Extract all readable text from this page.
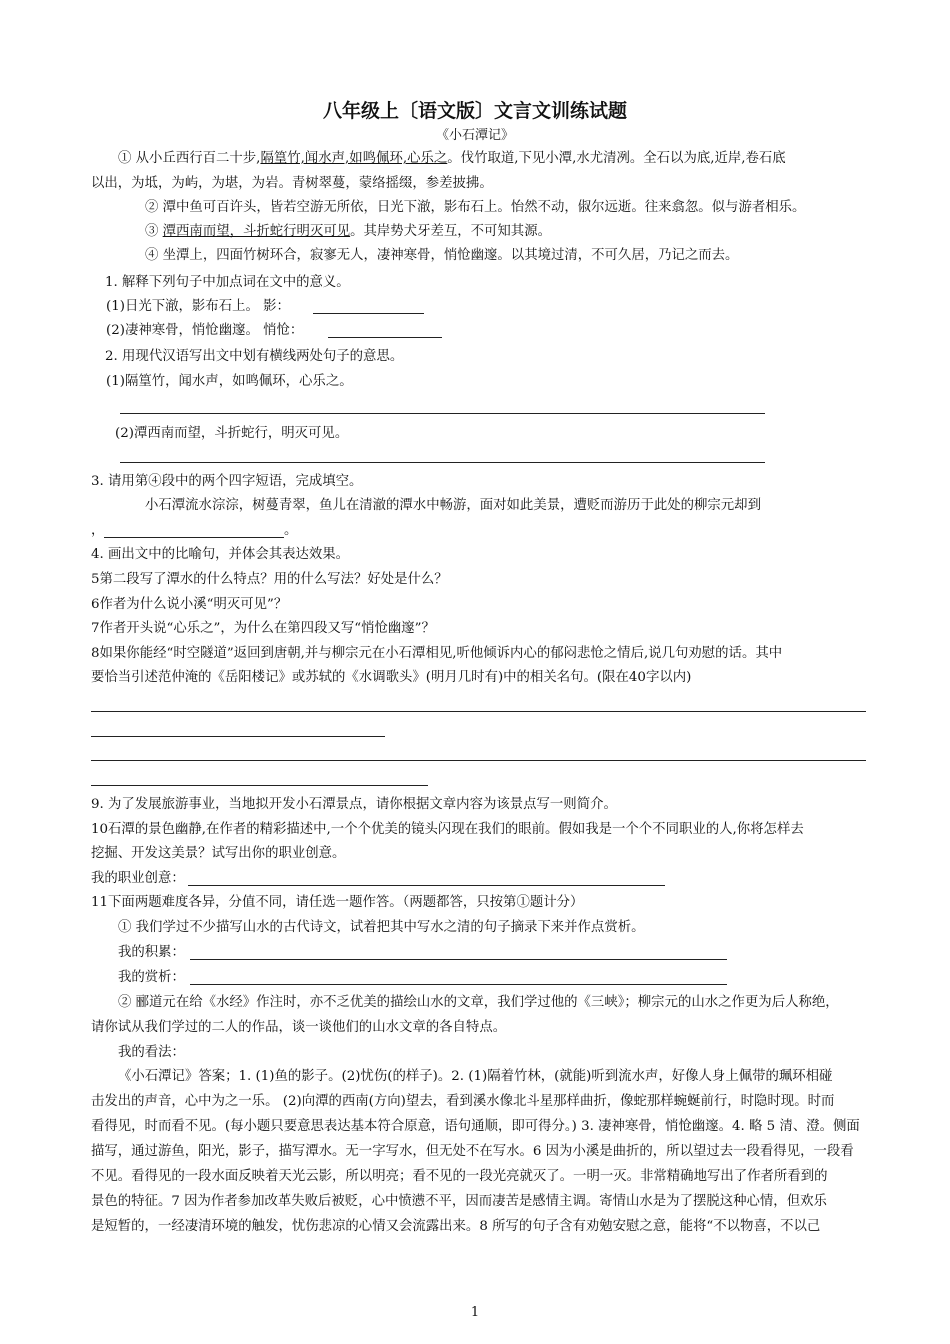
八年级上〔语文版〕文言文训练试题
《小石潭记》
① 从小丘西行百二十步,隔篁竹,闻水声,如鸣佩环,心乐之。伐竹取道,下见小潭,水尤清冽。全石以为底,近岸,卷石底
以出，为坻，为屿，为堪，为岩。青树翠蔓，蒙络摇缀，参差披拂。
② 潭中鱼可百许头，皆若空游无所依，日光下澈，影布石上。怡然不动，俶尔远逝。往来翕忽。似与游者相乐。
③ 潭西南而望，斗折蛇行明灭可见。其岸势犬牙差互，不可知其源。
④ 坐潭上，四面竹树环合，寂寥无人，凄神寒骨，悄怆幽邃。以其境过清，不可久居，乃记之而去。
1. 解释下列句子中加点词在文中的意义。
(1)日光下澈，影布石上。 影：
(2)凄神寒骨，悄怆幽邃。 悄怆：
2. 用现代汉语写出文中划有横线两处句子的意思。
(1)隔篁竹，闻水声，如鸣佩环，心乐之。
(2)潭西南而望，斗折蛇行，明灭可见。
3. 请用第④段中的两个四字短语，完成填空。
小石潭流水淙淙，树蔓青翠，鱼儿在清澈的潭水中畅游，面对如此美景，遭贬而游历于此处的柳宗元却到
，	。
4. 画出文中的比喻句，并体会其表达效果。
5第二段写了潭水的什么特点？用的什么写法？好处是什么？
6作者为什么说小溪“明灭可见”？
7作者开头说“心乐之”，为什么在第四段又写“悄怆幽邃”？
8如果你能经“时空隧道”返回到唐朝,并与柳宗元在小石潭相见,听他倾诉内心的郁闷悲怆之情后,说几句劝慰的话。其中
要恰当引述范仲淹的《岳阳楼记》或苏轼的《水调歌头》(明月几时有)中的相关名句。(限在40字以内)
9. 为了发展旅游事业，当地拟开发小石潭景点，请你根据文章内容为该景点写一则简介。
10石潭的景色幽静,在作者的精彩描述中,一个个优美的镜头闪现在我们的眼前。假如我是一个个不同职业的人,你将怎样去
挖掘、开发这美景？试写出你的职业创意。
我的职业创意：
11下面两题难度各异，分值不同，请任选一题作答。（两题都答，只按第①题计分）
① 我们学过不少描写山水的古代诗文，试着把其中写水之清的句子摘录下来并作点赏析。
我的积累：
我的赏析：
② 郦道元在给《水经》作注时，亦不乏优美的描绘山水的文章，我们学过他的《三峡》；柳宗元的山水之作更为后人称绝，
请你试从我们学过的二人的作品，谈一谈他们的山水文章的各自特点。
我的看法：
《小石潭记》答案；1. (1)鱼的影子。(2)忧伤(的样子)。2. (1)隔着竹林，(就能)听到流水声，好像人身上佩带的珮环相碰
击发出的声音，心中为之一乐。 (2)向潭的西南(方向)望去，看到溪水像北斗星那样曲折，像蛇那样蜿蜒前行，时隐时现。时而
看得见，时而看不见。(每小题只要意思表达基本符合原意，语句通顺，即可得分。) 3. 凄神寒骨，悄怆幽邃。4. 略 5 清、澄。侧面
描写，通过游鱼，阳光，影子，描写潭水。无一字写水，但无处不在写水。6 因为小溪是曲折的，所以望过去一段看得见，一段看
不见。看得见的一段水面反映着天光云影，所以明亮；看不见的一段光亮就灭了。一明一灭。非常精确地写出了作者所看到的
景色的特征。7 因为作者参加改革失败后被贬，心中愤懑不平，因而凄苦是感情主调。寄情山水是为了摆脱这种心情，但欢乐
是短暂的，一经凄清环境的触发，忧伤悲凉的心情又会流露出来。8 所写的句子含有劝勉安慰之意，能将“不以物喜，不以己
1
